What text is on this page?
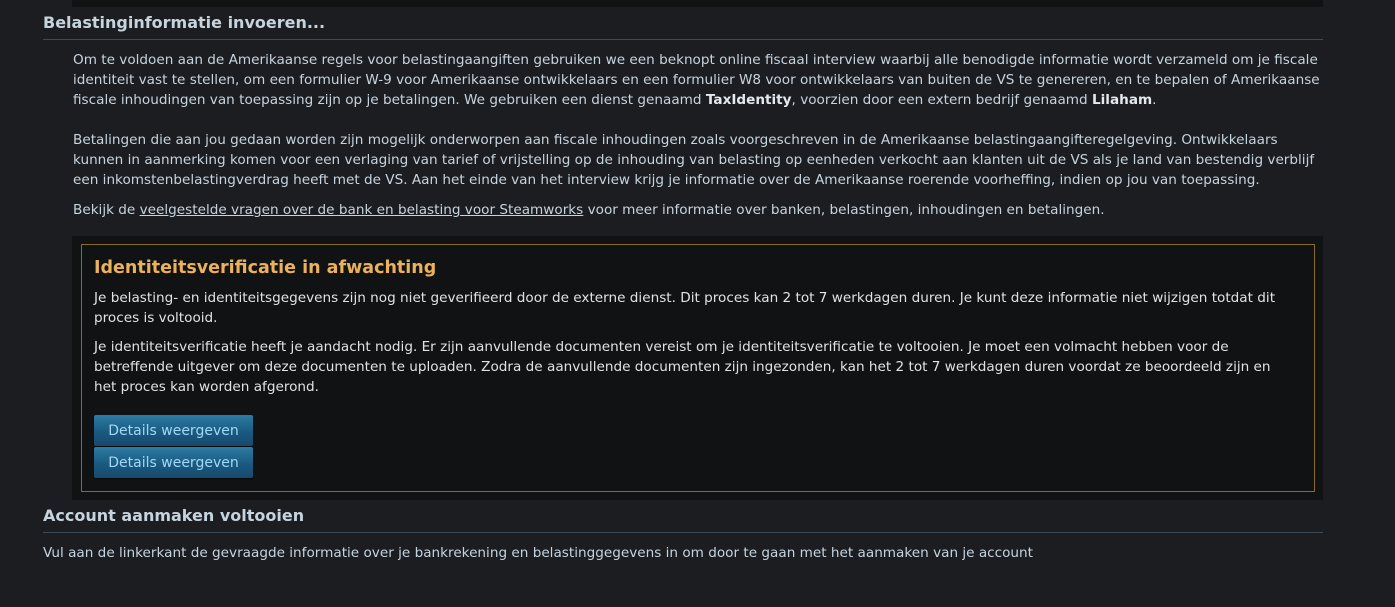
Belastinginformatie invoeren...

Om te voldoen aan de Amerikaanse regels voor belastingaangiften gebruiken we een beknopt online fiscaal interview waarbij alle benodigde informatie wordt verzameld om je fiscale identiteit vast te stellen, om een formulier W-9 voor Amerikaanse ontwikkelaars en een formulier W8 voor ontwikkelaars van buiten de VS te genereren, en te bepalen of Amerikaanse fiscale inhoudingen van toepassing zijn op je betalingen. We gebruiken een dienst genaamd TaxIdentity, voorzien door een extern bedrijf genaamd Lilaham.

Betalingen die aan jou gedaan worden zijn mogelijk onderworpen aan fiscale inhoudingen zoals voorgeschreven in de Amerikaanse belastingaangifteregelgeving. Ontwikkelaars kunnen in aanmerking komen voor een verlaging van tarief of vrijstelling op de inhouding van belasting op eenheden verkocht aan klanten uit de VS als je land van bestendig verblijf een inkomstenbelastingverdrag heeft met de VS. Aan het einde van het interview krijg je informatie over de Amerikaanse roerende voorheffing, indien op jou van toepassing.

Bekijk de veelgestelde vragen over de bank en belasting voor Steamworks voor meer informatie over banken, belastingen, inhoudingen en betalingen.

Identiteitsverificatie in afwachting

Je belasting- en identiteitsgegevens zijn nog niet geverifieerd door de externe dienst. Dit proces kan 2 tot 7 werkdagen duren. Je kunt deze informatie niet wijzigen totdat dit proces is voltooid.

Je identiteitsverificatie heeft je aandacht nodig. Er zijn aanvullende documenten vereist om je identiteitsverificatie te voltooien. Je moet een volmacht hebben voor de betreffende uitgever om deze documenten te uploaden. Zodra de aanvullende documenten zijn ingezonden, kan het 2 tot 7 werkdagen duren voordat ze beoordeeld zijn en het proces kan worden afgerond.

Details weergeven
Details weergeven
Account aanmaken voltooien

Vul aan de linkerkant de gevraagde informatie over je bankrekening en belastinggegevens in om door te gaan met het aanmaken van je account
